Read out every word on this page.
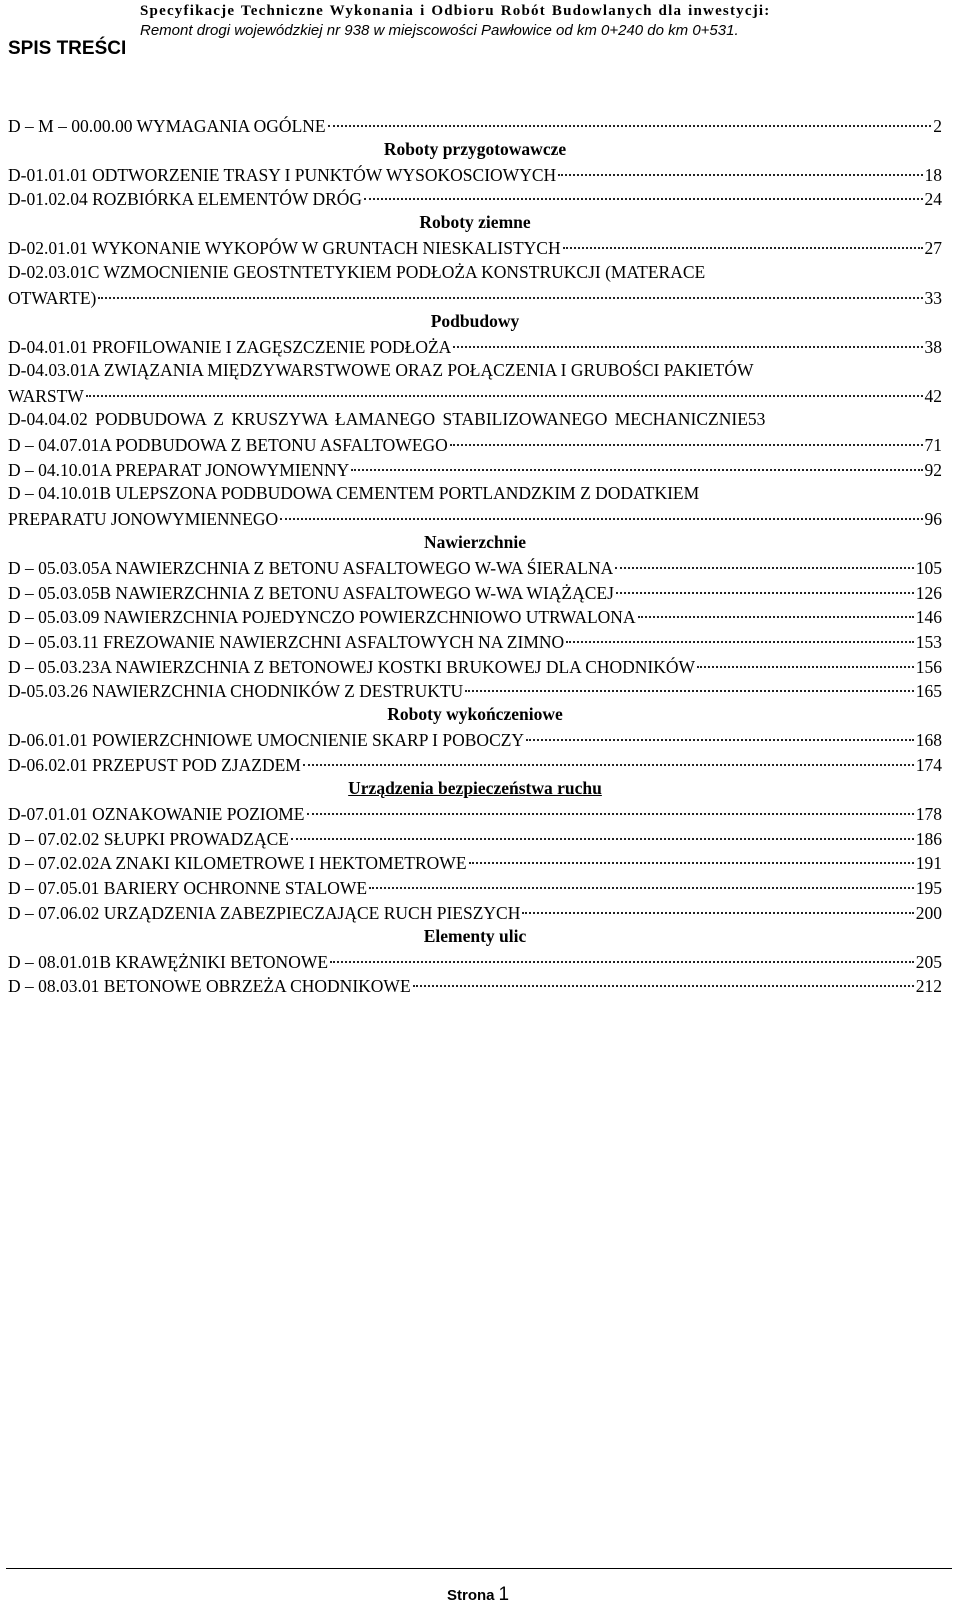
Specyfikacje Techniczne Wykonania i Odbioru Robót Budowlanych dla inwestycji:
Remont drogi wojewódzkiej nr 938 w miejscowości Pawłowice od km 0+240 do km 0+531.
SPIS TREŚCI
D – M – 00.00.00 WYMAGANIA OGÓLNE	2
Roboty przygotowawcze
D-01.01.01 ODTWORZENIE TRASY I PUNKTÓW WYSOKOSCIOWYCH	18
D-01.02.04 ROZBIÓRKA ELEMENTÓW DRÓG	24
Roboty ziemne
D-02.01.01 WYKONANIE WYKOPÓW W GRUNTACH NIESKALISTYCH	27
D-02.03.01C WZMOCNIENIE GEOSTNTETYKIEM PODŁOŻA KONSTRUKCJI (MATERACE
OTWARTE)	33
Podbudowy
D-04.01.01 PROFILOWANIE I ZAGĘSZCZENIE PODŁOŻA	38
D-04.03.01A ZWIĄZANIA MIĘDZYWARSTWOWE ORAZ POŁĄCZENIA I GRUBOŚCI PAKIETÓW
WARSTW	42
D-04.04.02 PODBUDOWA Z KRUSZYWA ŁAMANEGO STABILIZOWANEGO MECHANICZNIE 53
D – 04.07.01A PODBUDOWA Z BETONU ASFALTOWEGO	71
D – 04.10.01A PREPARAT JONOWYMIENNY	92
D – 04.10.01B ULEPSZONA PODBUDOWA CEMENTEM PORTLANDZKIM Z DODATKIEM
PREPARATU JONOWYMIENNEGO	96
Nawierzchnie
D – 05.03.05A NAWIERZCHNIA Z BETONU ASFALTOWEGO W-WA ŚIERALNA	105
D – 05.03.05B NAWIERZCHNIA Z BETONU ASFALTOWEGO W-WA WIĄŻĄCEJ	126
D – 05.03.09 NAWIERZCHNIA POJEDYNCZO POWIERZCHNIOWO UTRWALONA	146
D – 05.03.11 FREZOWANIE NAWIERZCHNI ASFALTOWYCH NA ZIMNO	153
D – 05.03.23A NAWIERZCHNIA Z BETONOWEJ KOSTKI BRUKOWEJ DLA CHODNIKÓW	156
D-05.03.26 NAWIERZCHNIA CHODNIKÓW Z DESTRUKTU	165
Roboty wykończeniowe
D-06.01.01 POWIERZCHNIOWE UMOCNIENIE SKARP I POBOCZY	168
D-06.02.01 PRZEPUST POD ZJAZDEM	174
Urządzenia bezpieczeństwa ruchu
D-07.01.01 OZNAKOWANIE POZIOME	178
D – 07.02.02 SŁUPKI PROWADZĄCE	186
D – 07.02.02A ZNAKI KILOMETROWE I HEKTOMETROWE	191
D – 07.05.01 BARIERY OCHRONNE STALOWE	195
D – 07.06.02 URZĄDZENIA ZABEZPIECZAJĄCE RUCH PIESZYCH	200
Elementy ulic
D – 08.01.01B KRAWĘŻNIKI BETONOWE	205
D – 08.03.01 BETONOWE OBRZEŻA CHODNIKOWE	212
Strona 1
